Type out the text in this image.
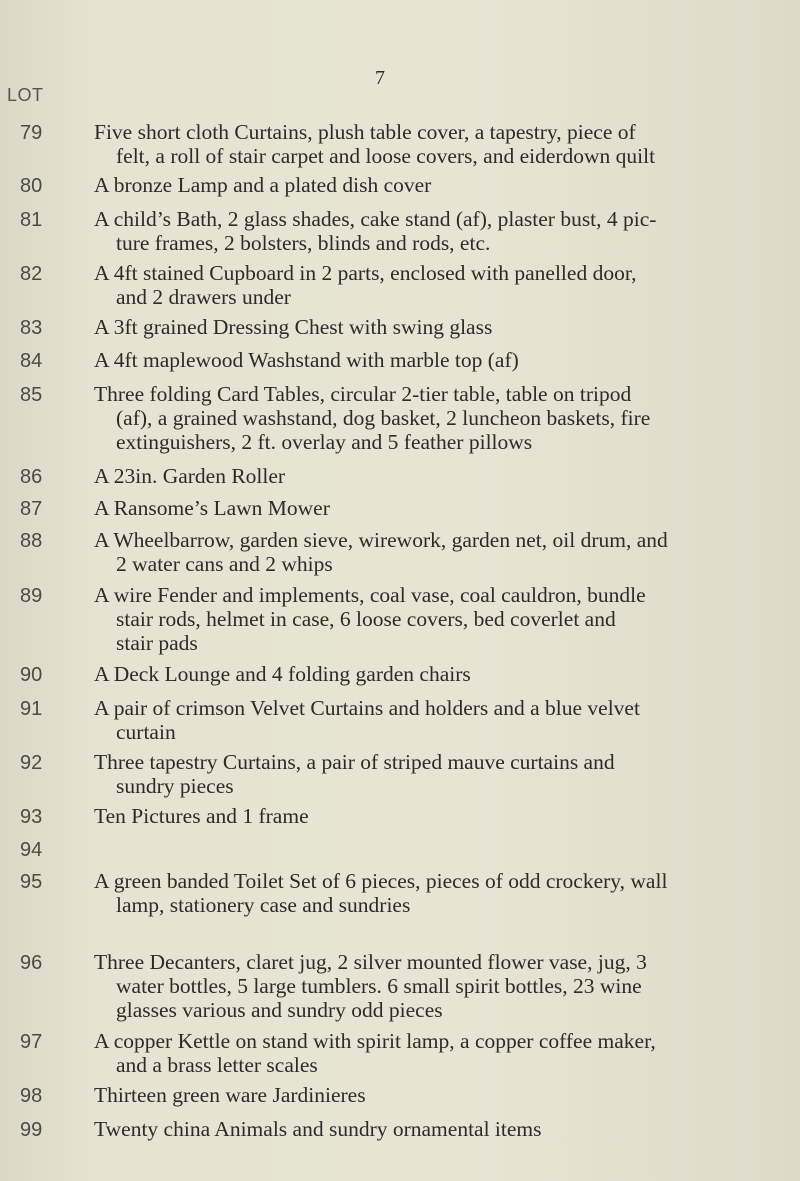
7
LOT
79	Five short cloth Curtains, plush table cover, a tapestry, piece of
felt, a roll of stair carpet and loose covers, and eiderdown quilt
80	A bronze Lamp and a plated dish cover
81	A child’s Bath, 2 glass shades, cake stand (af), plaster bust, 4 pic-
ture frames, 2 bolsters, blinds and rods, etc.
82	A 4ft stained Cupboard in 2 parts, enclosed with panelled door,
and 2 drawers under
83	A 3ft grained Dressing Chest with swing glass
84	A 4ft maplewood Washstand with marble top (af)
85	Three folding Card Tables, circular 2-tier table, table on tripod
(af), a grained washstand, dog basket, 2 luncheon baskets, fire
extinguishers, 2 ft. overlay and 5 feather pillows
86	A 23in. Garden Roller
87	A Ransome’s Lawn Mower
88	A Wheelbarrow, garden sieve, wirework, garden net, oil drum, and
2 water cans and 2 whips
89	A wire Fender and implements, coal vase, coal cauldron, bundle
stair rods, helmet in case, 6 loose covers, bed coverlet and
stair pads
90	A Deck Lounge and 4 folding garden chairs
91	A pair of crimson Velvet Curtains and holders and a blue velvet
curtain
92	Three tapestry Curtains, a pair of striped mauve curtains and
sundry pieces
93	Ten Pictures and 1 frame
94
95	A green banded Toilet Set of 6 pieces, pieces of odd crockery, wall
lamp, stationery case and sundries
96	Three Decanters, claret jug, 2 silver mounted flower vase, jug, 3
water bottles, 5 large tumblers. 6 small spirit bottles, 23 wine
glasses various and sundry odd pieces
97	A copper Kettle on stand with spirit lamp, a copper coffee maker,
and a brass letter scales
98	Thirteen green ware Jardinieres
99	Twenty china Animals and sundry ornamental items
